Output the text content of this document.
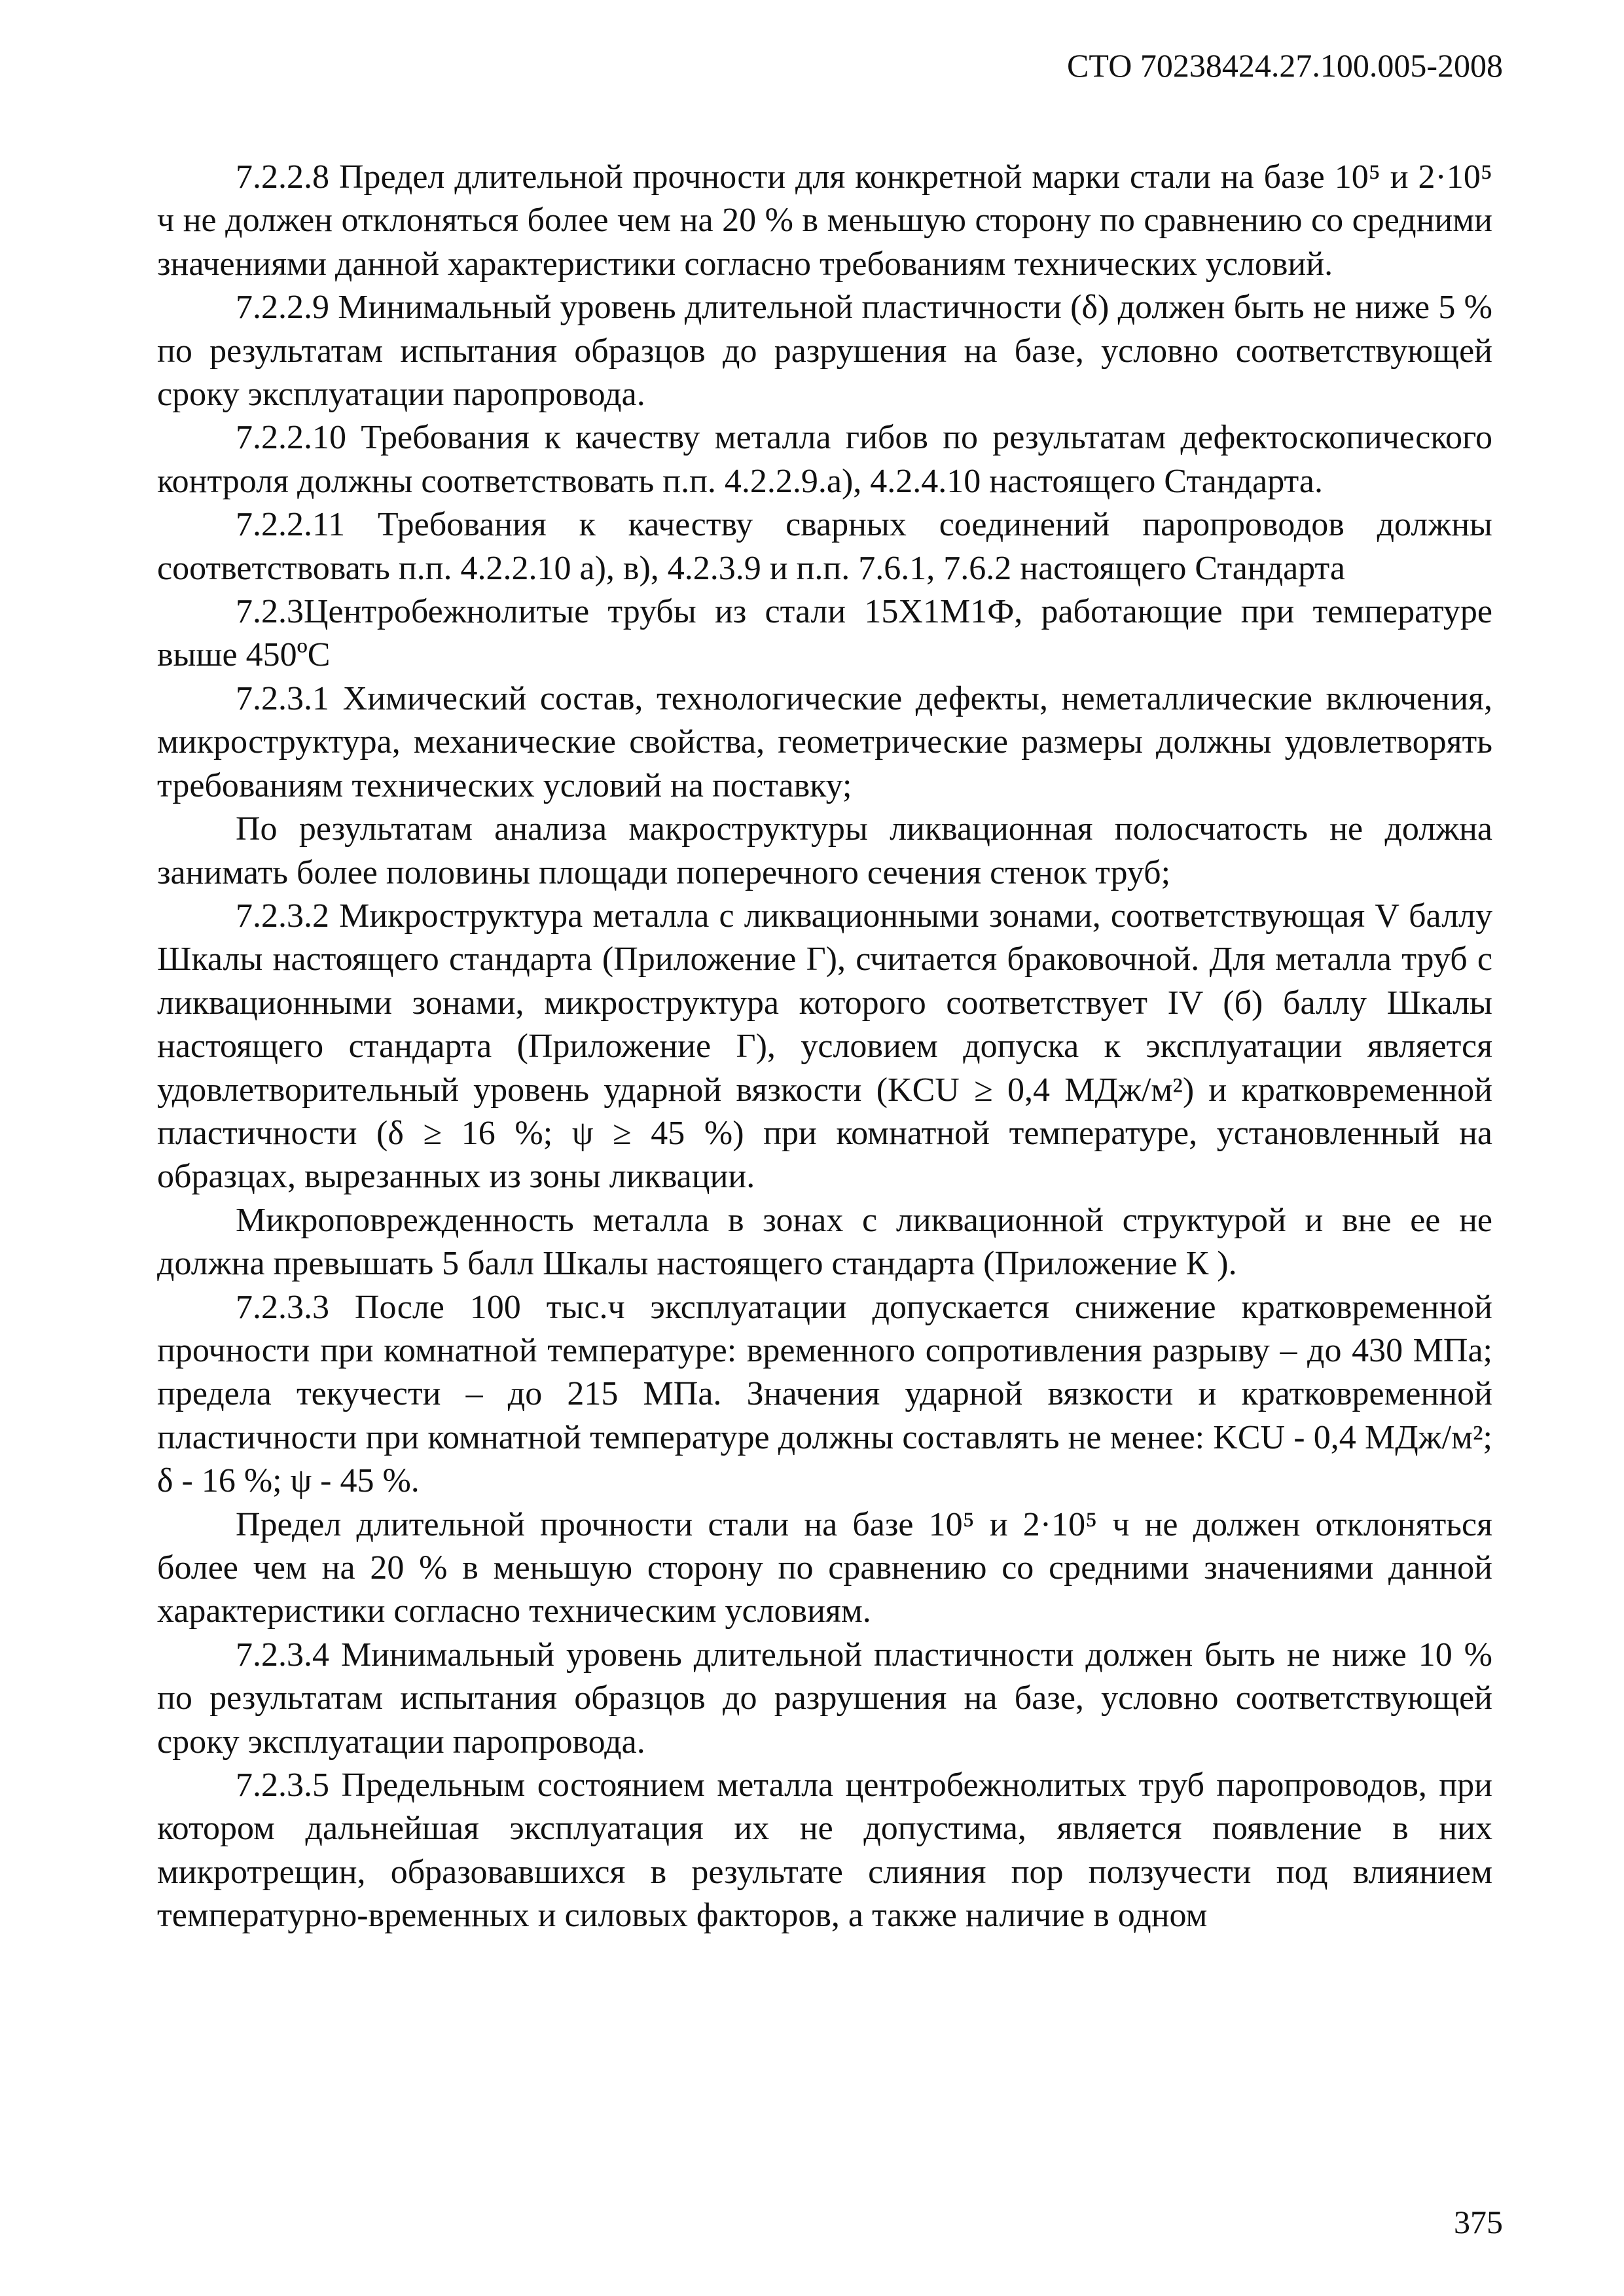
СТО 70238424.27.100.005-2008

7.2.2.8 Предел длительной прочности для конкретной марки стали на базе 10⁵ и 2·10⁵ ч не должен отклоняться более чем на 20 % в меньшую сторону по сравнению со средними значениями данной характеристики согласно требованиям технических условий.

7.2.2.9 Минимальный уровень длительной пластичности (δ) должен быть не ниже 5 % по результатам испытания образцов до разрушения на базе, условно соответствующей сроку эксплуатации паропровода.

7.2.2.10 Требования к качеству металла гибов по результатам дефектоскопического контроля должны соответствовать п.п. 4.2.2.9.а), 4.2.4.10 настоящего Стандарта.

7.2.2.11 Требования к качеству сварных соединений паропроводов должны соответствовать п.п. 4.2.2.10 а), в), 4.2.3.9 и п.п. 7.6.1, 7.6.2 настоящего Стандарта

7.2.3Центробежнолитые трубы из стали 15Х1М1Ф, работающие при температуре выше 450ºС

7.2.3.1 Химический состав, технологические дефекты, неметаллические включения, микроструктура, механические свойства, геометрические размеры должны удовлетворять требованиям технических условий на поставку;

По результатам анализа макроструктуры ликвационная полосчатость не должна занимать более половины площади поперечного сечения стенок труб;

7.2.3.2 Микроструктура металла с ликвационными зонами, соответствующая V баллу Шкалы настоящего стандарта (Приложение Г), считается браковочной. Для металла труб с ликвационными зонами, микроструктура которого соответствует IV (б) баллу Шкалы настоящего стандарта (Приложение Г), условием допуска к эксплуатации является удовлетворительный уровень ударной вязкости (KCU ≥ 0,4 МДж/м²) и кратковременной пластичности (δ ≥ 16 %; ψ ≥ 45 %) при комнатной температуре, установленный на образцах, вырезанных из зоны ликвации.

Микроповрежденность металла в зонах с ликвационной структурой и вне ее не должна превышать 5 балл Шкалы настоящего стандарта (Приложение К ).

7.2.3.3 После 100 тыс.ч эксплуатации допускается снижение кратковременной прочности при комнатной температуре: временного сопротивления разрыву – до 430 МПа; предела текучести – до 215 МПа. Значения ударной вязкости и кратковременной пластичности при комнатной температуре должны составлять не менее: KCU - 0,4 МДж/м²; δ - 16 %; ψ - 45 %.

Предел длительной прочности стали на базе 10⁵ и 2·10⁵ ч не должен отклоняться более чем на 20 % в меньшую сторону по сравнению со средними значениями данной характеристики согласно техническим условиям.

7.2.3.4 Минимальный уровень длительной пластичности должен быть не ниже 10 % по результатам испытания образцов до разрушения на базе, условно соответствующей сроку эксплуатации паропровода.

7.2.3.5 Предельным состоянием металла центробежнолитых труб паропроводов, при котором дальнейшая эксплуатация их не допустима, является появление в них микротрещин, образовавшихся в результате слияния пор ползучести под влиянием температурно-временных и силовых факторов, а также наличие в одном

375
